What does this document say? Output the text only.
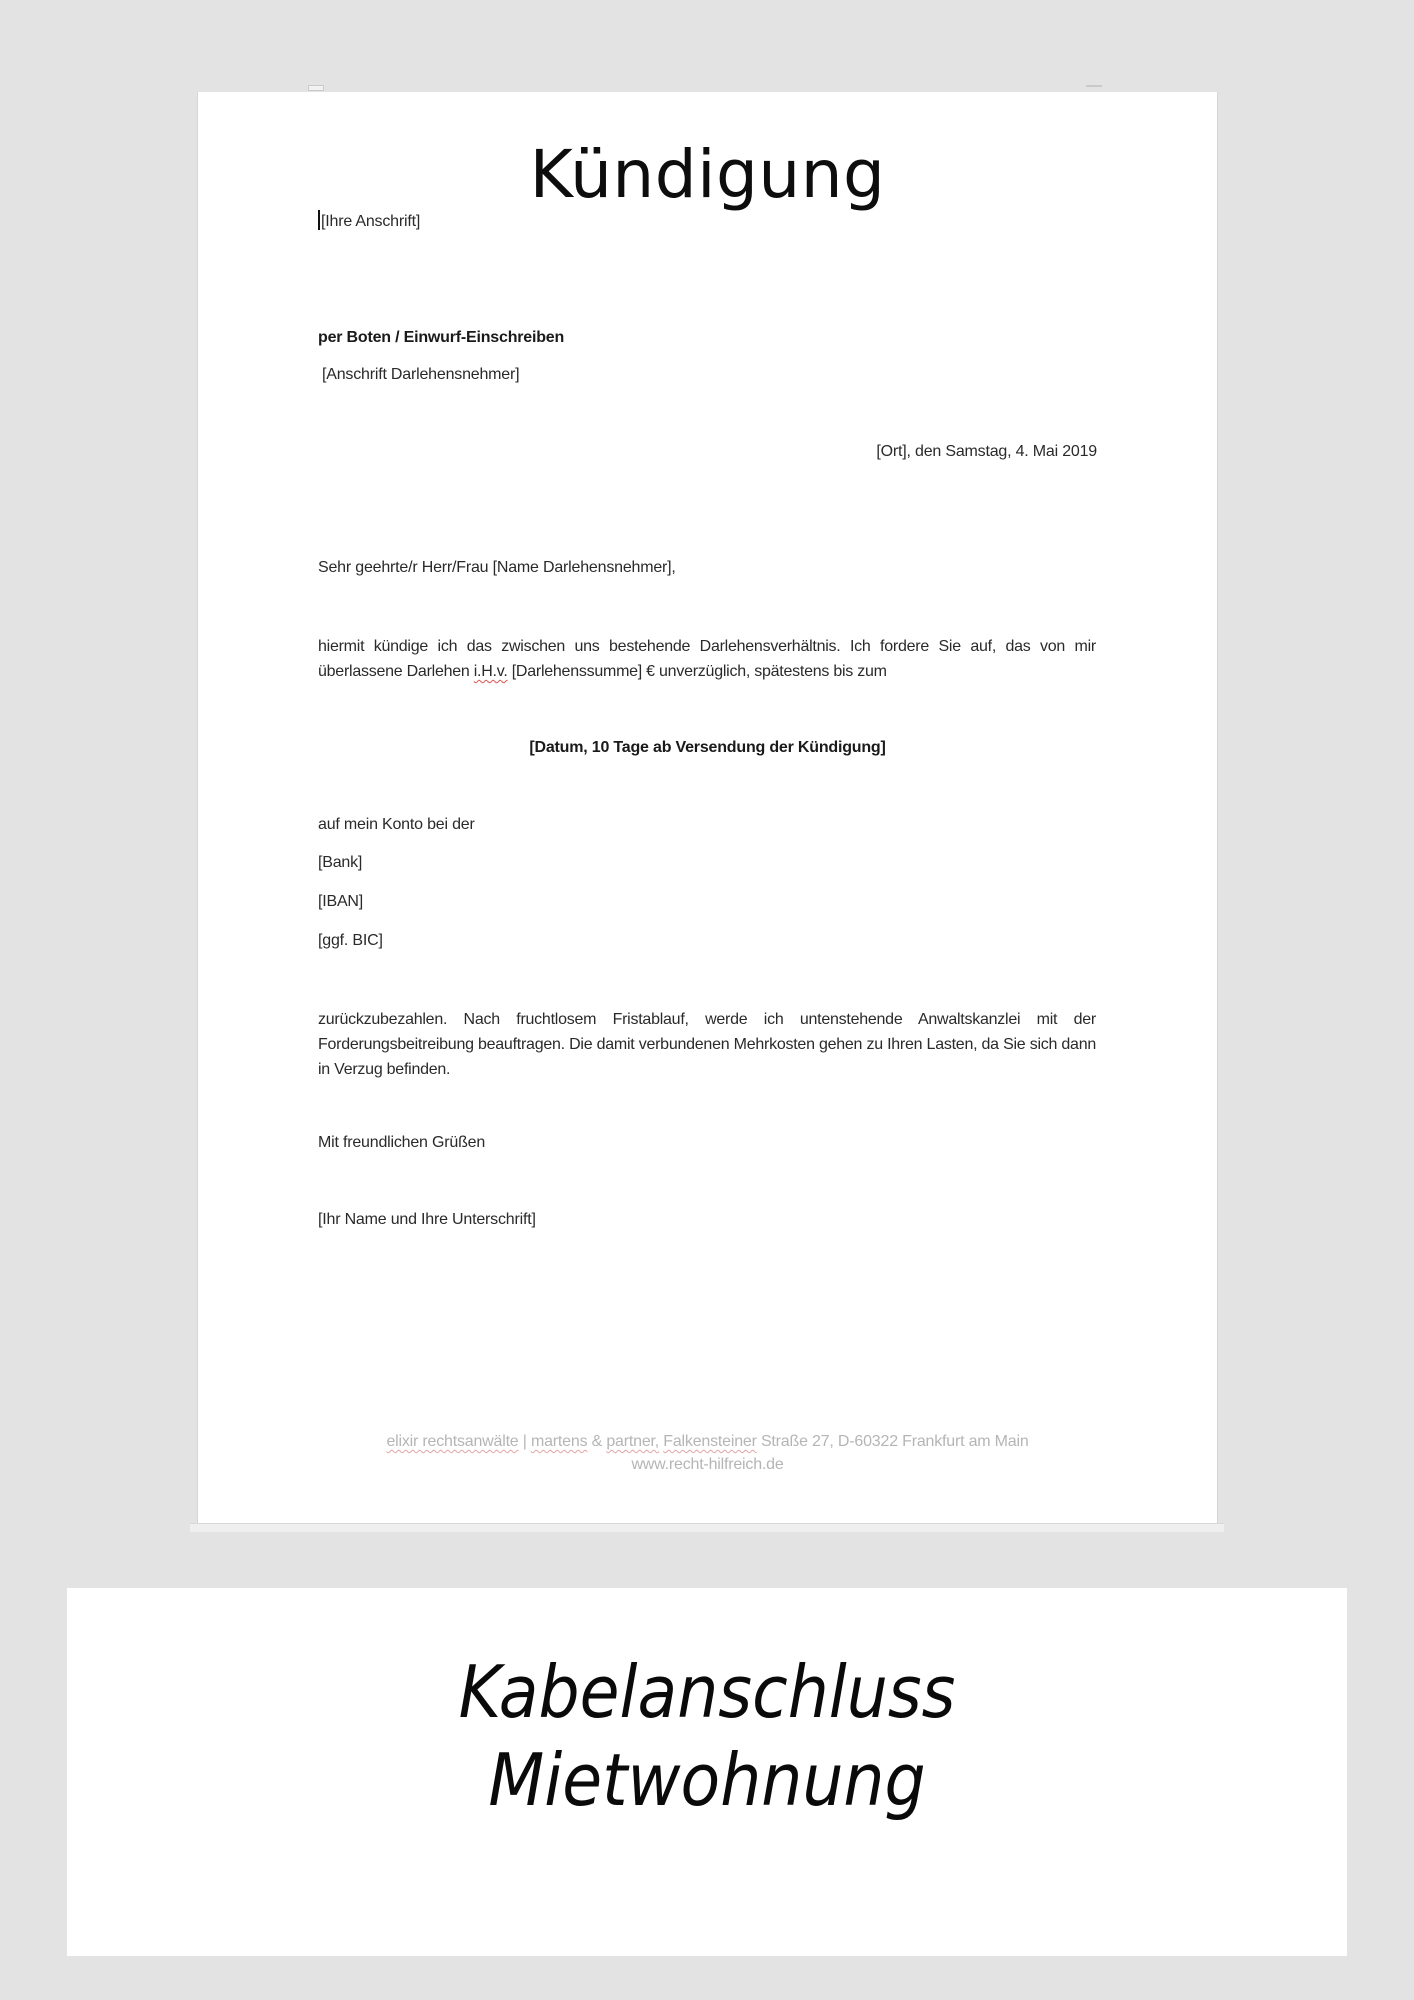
Kündigung
[Ihre Anschrift]
per Boten / Einwurf-Einschreiben
[Anschrift Darlehensnehmer]
[Ort], den Samstag, 4. Mai 2019
Sehr geehrte/r Herr/Frau [Name Darlehensnehmer],
hiermit kündige ich das zwischen uns bestehende Darlehensverhältnis. Ich fordere Sie auf, das von mir überlassene Darlehen i.H.v. [Darlehenssumme] € unverzüglich, spätestens bis zum
[Datum, 10 Tage ab Versendung der Kündigung]
auf mein Konto bei der
[Bank]
[IBAN]
[ggf. BIC]
zurückzubezahlen. Nach fruchtlosem Fristablauf, werde ich untenstehende Anwaltskanzlei mit der Forderungsbeitreibung beauftragen. Die damit verbundenen Mehrkosten gehen zu Ihren Lasten, da Sie sich dann in Verzug befinden.
Mit freundlichen Grüßen
[Ihr Name und Ihre Unterschrift]
elixir rechtsanwälte | martens & partner, Falkensteiner Straße 27, D-60322 Frankfurt am Main
www.recht-hilfreich.de
Kabelanschluss
Mietwohnung
